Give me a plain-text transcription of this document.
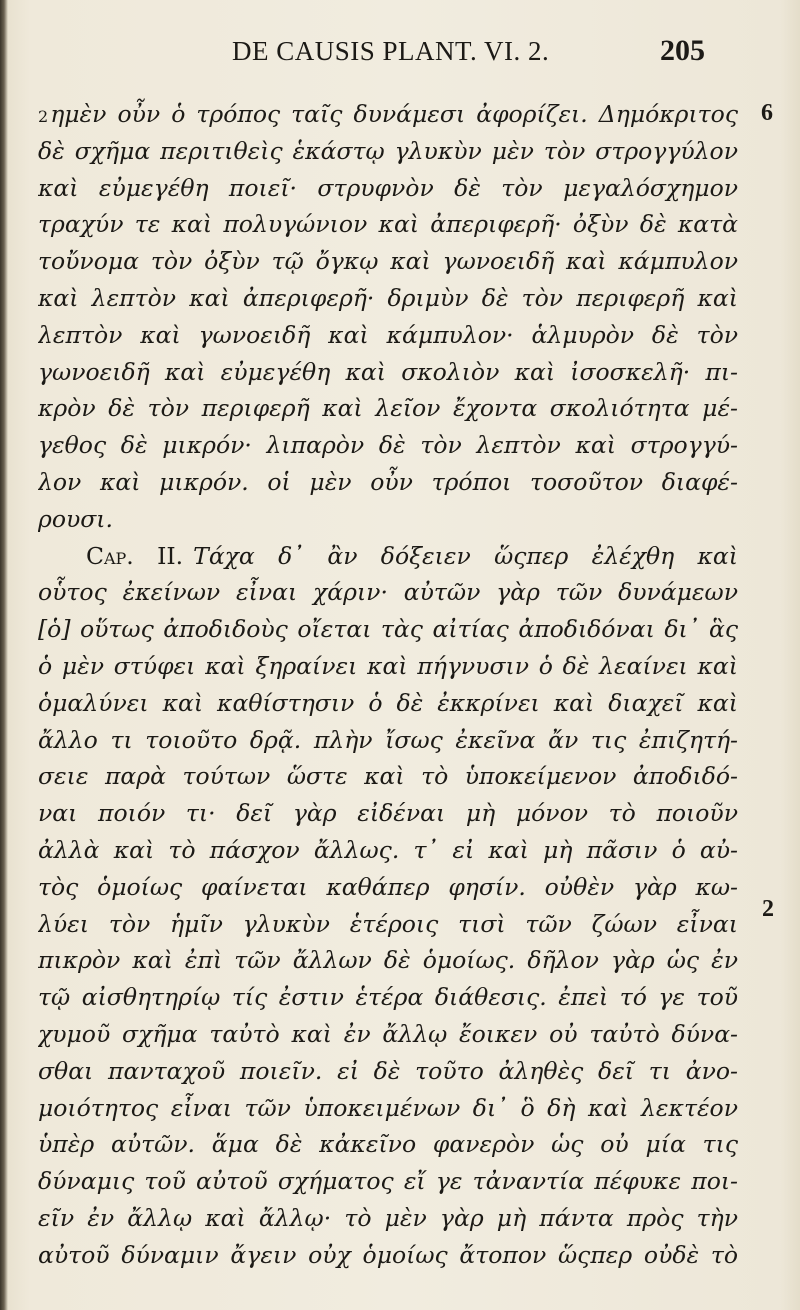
DE CAUSIS PLANT. VI. 2.	205
6
2
2ημὲν οὖν ὁ τρόπος ταῖς δυνάμεσι ἀφορίζει. Δημόκριτος
δὲ σχῆμα περιτιθεὶς ἑκάστῳ γλυκὺν μὲν τὸν στρογγύλον
καὶ εὐμεγέθη ποιεῖ· στρυφνὸν δὲ τὸν μεγαλόσχημον
τραχύν τε καὶ πολυγώνιον καὶ ἀπεριφερῆ· ὀξὺν δὲ κατὰ
τοὔνομα τὸν ὀξὺν τῷ ὄγκῳ καὶ γωνοειδῆ καὶ κάμπυλον
καὶ λεπτὸν καὶ ἀπεριφερῆ· δριμὺν δὲ τὸν περιφερῆ καὶ
λεπτὸν καὶ γωνοειδῆ καὶ κάμπυλον· ἁλμυρὸν δὲ τὸν
γωνοειδῆ καὶ εὐμεγέθη καὶ σκολιὸν καὶ ἰσοσκελῆ· πι-
κρὸν δὲ τὸν περιφερῆ καὶ λεῖον ἔχοντα σκολιότητα μέ-
γεθος δὲ μικρόν· λιπαρὸν δὲ τὸν λεπτὸν καὶ στρογγύ-
λον καὶ μικρόν. οἱ μὲν οὖν τρόποι τοσοῦτον διαφέ-
ρουσι.
Cap. II. Τάχα δ᾽ ἂν δόξειεν ὥςπερ ἐλέχθη καὶ
οὗτος ἐκείνων εἶναι χάριν· αὐτῶν γὰρ τῶν δυνάμεων
[ὁ] οὕτως ἀποδιδοὺς οἴεται τὰς αἰτίας ἀποδιδόναι δι᾽ ἃς
ὁ μὲν στύφει καὶ ξηραίνει καὶ πήγνυσιν ὁ δὲ λεαίνει καὶ
ὁμαλύνει καὶ καθίστησιν ὁ δὲ ἐκκρίνει καὶ διαχεῖ καὶ
ἄλλο τι τοιοῦτο δρᾷ. πλὴν ἴσως ἐκεῖνα ἄν τις ἐπιζητή-
σειε παρὰ τούτων ὥστε καὶ τὸ ὑποκείμενον ἀποδιδό-
ναι ποιόν τι· δεῖ γὰρ εἰδέναι μὴ μόνον τὸ ποιοῦν
ἀλλὰ καὶ τὸ πάσχον ἄλλως. τ᾽ εἰ καὶ μὴ πᾶσιν ὁ αὐ-
τὸς ὁμοίως φαίνεται καθάπερ φησίν. οὐθὲν γὰρ κω-
λύει τὸν ἡμῖν γλυκὺν ἑτέροις τισὶ τῶν ζώων εἶναι
πικρὸν καὶ ἐπὶ τῶν ἄλλων δὲ ὁμοίως. δῆλον γὰρ ὡς ἐν
τῷ αἰσθητηρίῳ τίς ἐστιν ἑτέρα διάθεσις. ἐπεὶ τό γε τοῦ
χυμοῦ σχῆμα ταὐτὸ καὶ ἐν ἄλλῳ ἔοικεν οὐ ταὐτὸ δύνα-
σθαι πανταχοῦ ποιεῖν. εἰ δὲ τοῦτο ἀληθὲς δεῖ τι ἀνο-
μοιότητος εἶναι τῶν ὑποκειμένων δι᾽ ὃ δὴ καὶ λεκτέον
ὑπὲρ αὐτῶν. ἅμα δὲ κἀκεῖνο φανερὸν ὡς οὐ μία τις
δύναμις τοῦ αὐτοῦ σχήματος εἴ γε τἀναντία πέφυκε ποι-
εῖν ἐν ἄλλῳ καὶ ἄλλῳ· τὸ μὲν γὰρ μὴ πάντα πρὸς τὴν
αὐτοῦ δύναμιν ἄγειν οὐχ ὁμοίως ἄτοπον ὥςπερ οὐδὲ τὸ
